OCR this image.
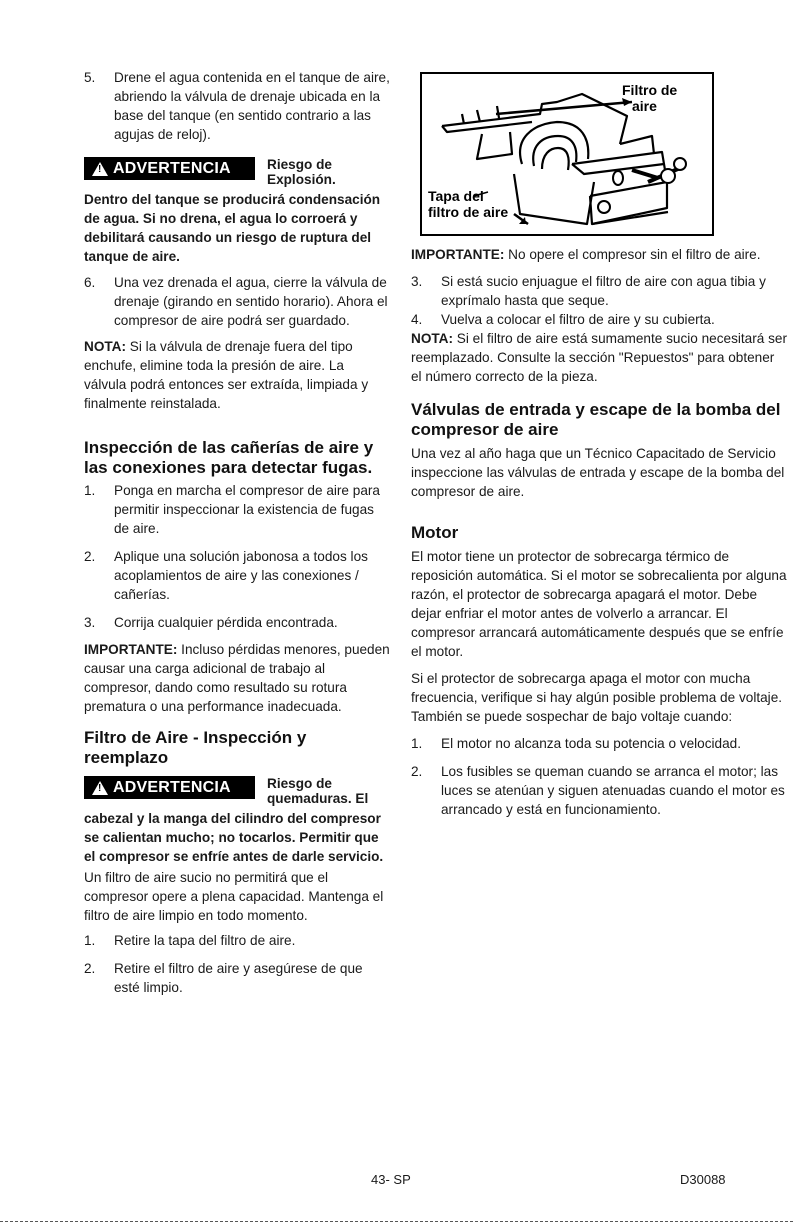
5.	Drene el agua contenida en el tanque de aire, abriendo la válvula de drenaje ubicada en la base del tanque (en sentido contrario a las agujas de reloj).
! ADVERTENCIA	Riesgo de
Explosión.

Dentro del tanque se producirá condensación de agua. Si no drena, el agua lo corroerá y debilitará causando un riesgo de ruptura del tanque de aire.

6.	Una vez drenada el agua, cierre la válvula de drenaje (girando en sentido horario). Ahora el compresor de aire podrá ser guardado.

NOTA: Si la válvula de drenaje fuera del tipo enchufe, elimine toda la presión de aire. La válvula podrá entonces ser extraída, limpiada y finalmente reinstalada.

Inspección de las cañerías de aire y las conexiones para detectar fugas.
1.	Ponga en marcha el compresor de aire para permitir inspeccionar la existencia de fugas de aire.
2.	Aplique una solución jabonosa a todos los acoplamientos de aire y las conexiones / cañerías.
3.	Corrija cualquier pérdida encontrada.

IMPORTANTE: Incluso pérdidas menores, pueden causar una carga adicional de trabajo al compresor, dando como resultado su rotura prematura o una performance inadecuada.

Filtro de Aire - Inspección y reemplazo
! ADVERTENCIA	Riesgo de
quemaduras. El

cabezal y la manga del cilindro del compresor se calientan mucho; no tocarlos. Permitir que el compresor se enfríe antes de darle servicio.

Un filtro de aire sucio no permitirá que el compresor opere a plena capacidad. Mantenga el filtro de aire limpio en todo momento.

1.	Retire la tapa del filtro de aire.
2.	Retire el filtro de aire y asegúrese de que esté limpio.
Filtro de
aire
Tapa del
filtro de aire

IMPORTANTE: No opere el compresor sin el filtro de aire.

3.	Si está sucio enjuague el filtro de aire con agua tibia y exprímalo hasta que seque.
4.	Vuelva a colocar el filtro de aire y su cubierta.

NOTA: Si el filtro de aire está sumamente sucio necesitará ser reemplazado. Consulte la sección "Repuestos" para obtener el número correcto de la pieza.

Válvulas de entrada y escape de la bomba del compresor de aire

Una vez al año haga que un Técnico Capacitado de Servicio inspeccione las válvulas de entrada y escape de la bomba del compresor de aire.

Motor

El motor tiene un protector de sobrecarga térmico de reposición automática. Si el motor se sobrecalienta por alguna razón, el protector de sobrecarga apagará el motor. Debe dejar enfriar el motor antes de volverlo a arrancar. El compresor arrancará automáticamente después que se enfríe el motor.

Si el protector de sobrecarga apaga el motor con mucha frecuencia, verifique si hay algún posible problema de voltaje. También se puede sospechar de bajo voltaje cuando:

1.	El motor no alcanza toda su potencia o velocidad.
2.	Los fusibles se queman cuando se arranca el motor; las luces se atenúan y siguen atenuadas cuando el motor es arrancado y está en funcionamiento.
43- SP	D30088
